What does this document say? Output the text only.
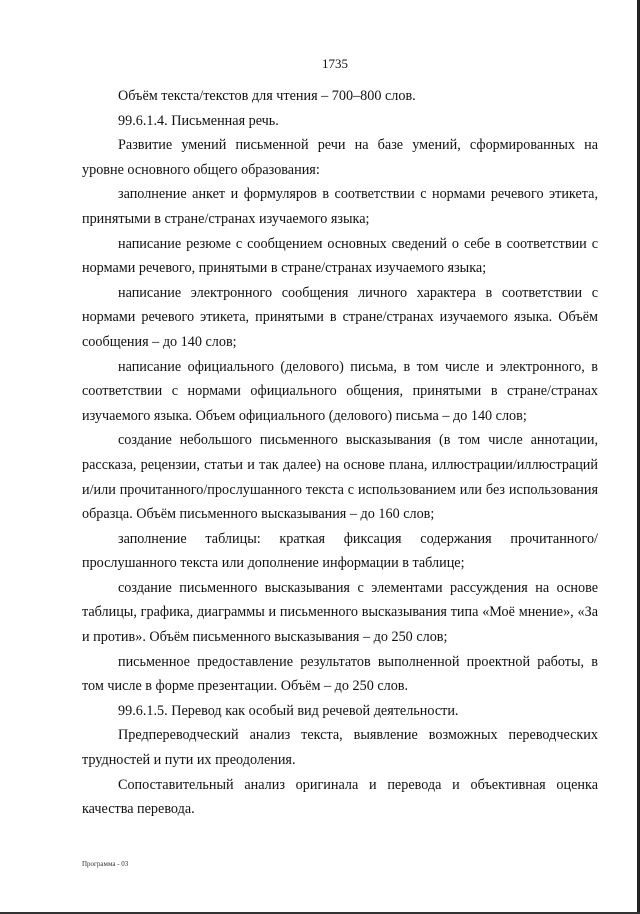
1735

Объём текста/текстов для чтения – 700–800 слов.

99.6.1.4. Письменная речь.

Развитие умений письменной речи на базе умений, сформированных на уровне основного общего образования:

заполнение анкет и формуляров в соответствии с нормами речевого этикета, принятыми в стране/странах изучаемого языка;

написание резюме с сообщением основных сведений о себе в соответствии с нормами речевого, принятыми в стране/странах изучаемого языка;

написание электронного сообщения личного характера в соответствии с нормами речевого этикета, принятыми в стране/странах изучаемого языка. Объём сообщения – до 140 слов;

написание официального (делового) письма, в том числе и электронного, в соответствии с нормами официального общения, принятыми в стране/странах изучаемого языка. Объем официального (делового) письма – до 140 слов;

создание небольшого письменного высказывания (в том числе аннотации, рассказа, рецензии, статьи и так далее) на основе плана, иллюстрации/иллюстраций и/или прочитанного/прослушанного текста с использованием или без использования образца. Объём письменного высказывания – до 160 слов;

заполнение таблицы: краткая фиксация содержания прочитанного/ прослушанного текста или дополнение информации в таблице;

создание письменного высказывания с элементами рассуждения на основе таблицы, графика, диаграммы и письменного высказывания типа «Моё мнение», «За и против». Объём письменного высказывания – до 250 слов;

письменное предоставление результатов выполненной проектной работы, в том числе в форме презентации. Объём – до 250 слов.

99.6.1.5. Перевод как особый вид речевой деятельности.

Предпереводческий анализ текста, выявление возможных переводческих трудностей и пути их преодоления.

Сопоставительный анализ оригинала и перевода и объективная оценка качества перевода.

Программа - 03
